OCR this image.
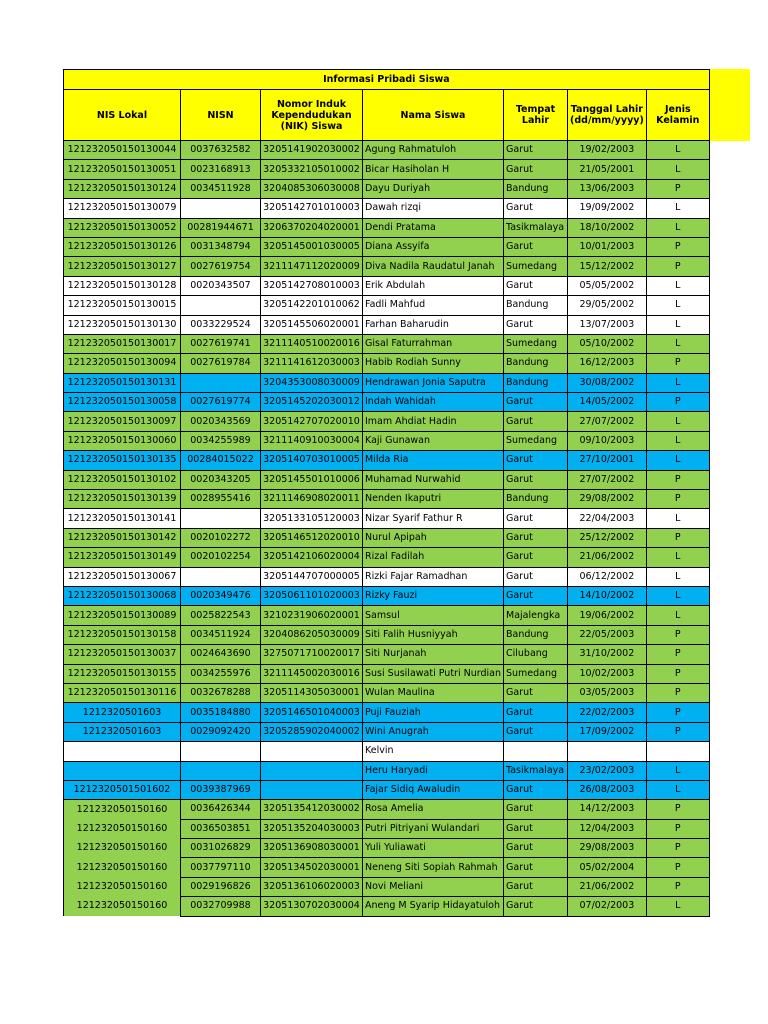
Informasi Pribadi Siswa						
NIS Lokal	NISN	Nomor Induk Kependudukan (NIK) Siswa	Nama Siswa	Tempat Lahir	Tanggal Lahir (dd/mm/yyyy)	Jenis Kelamin
121232050150130044	0037632582	3205141902030002	Agung Rahmatuloh	Garut	19/02/2003	L
121232050150130051	0023168913	3205332105010002	Bicar Hasiholan H	Garut	21/05/2001	L
121232050150130124	0034511928	3204085306030008	Dayu Duriyah	Bandung	13/06/2003	P
121232050150130079		3205142701010003	Dawah rizqi	Garut	19/09/2002	L
121232050150130052	00281944671	3206370204020001	Dendi Pratama	Tasikmalaya	18/10/2002	L
121232050150130126	0031348794	3205145001030005	Diana Assyifa	Garut	10/01/2003	P
121232050150130127	0027619754	3211147112020009	Diva Nadila Raudatul Janah	Sumedang	15/12/2002	P
121232050150130128	0020343507	3205142708010003	Erik Abdulah	Garut	05/05/2002	L
121232050150130015		3205142201010062	Fadli Mahfud	Bandung	29/05/2002	L
121232050150130130	0033229524	3205145506020001	Farhan Baharudin	Garut	13/07/2003	L
121232050150130017	0027619741	3211140510020016	Gisal Faturrahman	Sumedang	05/10/2002	L
121232050150130094	0027619784	3211141612030003	Habib Rodiah Sunny	Bandung	16/12/2003	P
121232050150130131		3204353008030009	Hendrawan Jonia Saputra	Bandung	30/08/2002	L
121232050150130058	0027619774	3205145202030012	Indah Wahidah	Garut	14/05/2002	P
121232050150130097	0020343569	3205142707020010	Imam Ahdiat Hadin	Garut	27/07/2002	L
121232050150130060	0034255989	3211140910030004	Kaji Gunawan	Sumedang	09/10/2003	L
121232050150130135	00284015022	3205140703010005	Milda Ria	Garut	27/10/2001	L
121232050150130102	0020343205	3205145501010006	Muhamad Nurwahid	Garut	27/07/2002	P
121232050150130139	0028955416	3211146908020011	Nenden Ikaputri	Bandung	29/08/2002	P
121232050150130141		3205133105120003	Nizar Syarif Fathur R	Garut	22/04/2003	L
121232050150130142	0020102272	3205146512020010	Nurul Apipah	Garut	25/12/2002	P
121232050150130149	0020102254	3205142106020004	Rizal Fadilah	Garut	21/06/2002	L
121232050150130067		3205144707000005	Rizki Fajar Ramadhan	Garut	06/12/2002	L
121232050150130068	0020349476	3205061101020003	Rizky Fauzi	Garut	14/10/2002	L
121232050150130089	0025822543	3210231906020001	Samsul	Majalengka	19/06/2002	L
121232050150130158	0034511924	3204086205030009	Siti Falih Husniyyah	Bandung	22/05/2003	P
121232050150130037	0024643690	3275071710020017	Siti Nurjanah	Cilubang	31/10/2002	P
121232050150130155	0034255976	3211145002030016	Susi Susilawati Putri Nurdian	Sumedang	10/02/2003	P
121232050150130116	0032678288	3205114305030001	Wulan Maulina	Garut	03/05/2003	P
1212320501603	0035184880	3205146501040003	Puji Fauziah	Garut	22/02/2003	P
1212320501603	0029092420	3205285902040002	Wini Anugrah	Garut	17/09/2002	P
			Kelvin			
			Heru Haryadi	Tasikmalaya	23/02/2003	L
1212320501501602	0039387969		Fajar Sidiq Awaludin	Garut	26/08/2003	L
121232050150160	0036426344	3205135412030002	Rosa Amelia	Garut	14/12/2003	P
121232050150160	0036503851	3205135204030003	Putri Pitriyani Wulandari	Garut	12/04/2003	P
121232050150160	0031026829	3205136908030001	Yuli Yuliawati	Garut	29/08/2003	P
121232050150160	0037797110	3205134502030001	Neneng Siti Sopiah Rahmah	Garut	05/02/2004	P
121232050150160	0029196826	3205136106020003	Novi Meliani	Garut	21/06/2002	P
121232050150160	0032709988	3205130702030004	Aneng M Syarip Hidayatuloh	Garut	07/02/2003	L
